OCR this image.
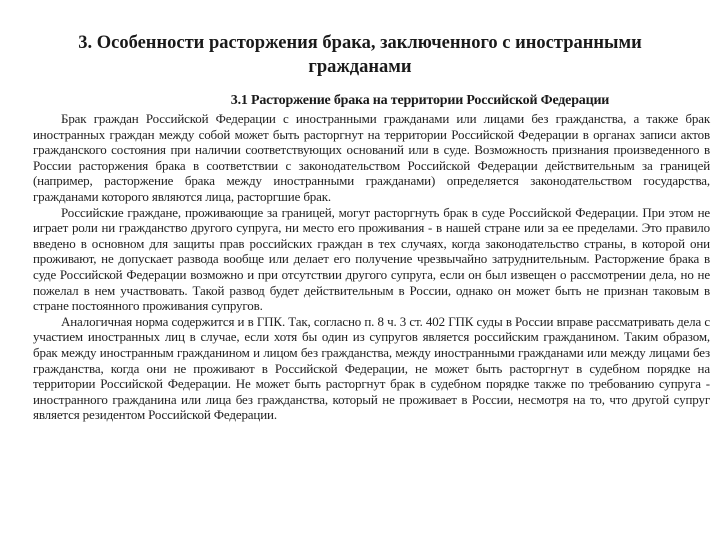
3. Особенности расторжения брака, заключенного с иностранными гражданами
3.1 Расторжение брака на территории Российской Федерации

Брак граждан Российской Федерации с иностранными гражданами или лицами без гражданства, а также брак иностранных граждан между собой может быть расторгнут на территории Российской Федерации в органах записи актов гражданского состояния при наличии соответствующих оснований или в суде. Возможность признания произведенного в России расторжения брака в соответствии с законодательством Российской Федерации действительным за границей (например, расторжение брака между иностранными гражданами) определяется законодательством государства, гражданами которого являются лица, расторгшие брак.

Российские граждане, проживающие за границей, могут расторгнуть брак в суде Российской Федерации. При этом не играет роли ни гражданство другого супруга, ни место его проживания - в нашей стране или за ее пределами. Это правило введено в основном для защиты прав российских граждан в тех случаях, когда законодательство страны, в которой они проживают, не допускает развода вообще или делает его получение чрезвычайно затруднительным. Расторжение брака в суде Российской Федерации возможно и при отсутствии другого супруга, если он был извещен о рассмотрении дела, но не пожелал в нем участвовать. Такой развод будет действительным в России, однако он может быть не признан таковым в стране постоянного проживания супругов.

Аналогичная норма содержится и в ГПК. Так, согласно п. 8 ч. 3 ст. 402 ГПК суды в России вправе рассматривать дела с участием иностранных лиц в случае, если хотя бы один из супругов является российским гражданином. Таким образом, брак между иностранным гражданином и лицом без гражданства, между иностранными гражданами или между лицами без гражданства, когда они не проживают в Российской Федерации, не может быть расторгнут в судебном порядке на территории Российской Федерации. Не может быть расторгнут брак в судебном порядке также по требованию супруга - иностранного гражданина или лица без гражданства, который не проживает в России, несмотря на то, что другой супруг является резидентом Российской Федерации.
